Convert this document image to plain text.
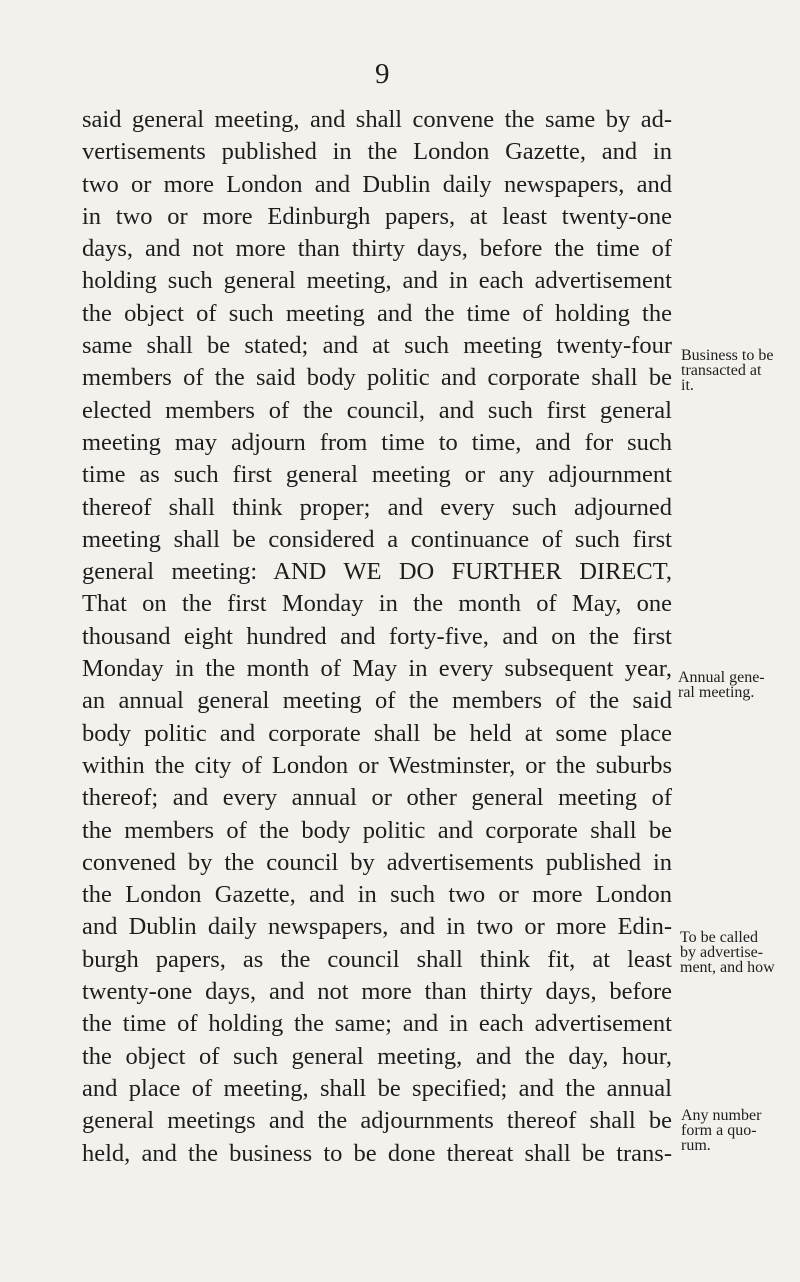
9
said general meeting, and shall convene the same by ad-
vertisements published in the London Gazette, and in
two or more London and Dublin daily newspapers, and
in two or more Edinburgh papers, at least twenty-one
days, and not more than thirty days, before the time of
holding such general meeting, and in each advertisement
the object of such meeting and the time of holding the
same shall be stated; and at such meeting twenty-four
members of the said body politic and corporate shall be
elected members of the council, and such first general
meeting may adjourn from time to time, and for such
time as such first general meeting or any adjournment
thereof shall think proper; and every such adjourned
meeting shall be considered a continuance of such first
general meeting: AND WE DO FURTHER DIRECT,
That on the first Monday in the month of May, one
thousand eight hundred and forty-five, and on the first
Monday in the month of May in every subsequent year,
an annual general meeting of the members of the said
body politic and corporate shall be held at some place
within the city of London or Westminster, or the suburbs
thereof; and every annual or other general meeting of
the members of the body politic and corporate shall be
convened by the council by advertisements published in
the London Gazette, and in such two or more London
and Dublin daily newspapers, and in two or more Edin-
burgh papers, as the council shall think fit, at least
twenty-one days, and not more than thirty days, before
the time of holding the same; and in each advertisement
the object of such general meeting, and the day, hour,
and place of meeting, shall be specified; and the annual
general meetings and the adjournments thereof shall be
held, and the business to be done thereat shall be trans-
Business to be
transacted at
it.
Annual gene-
ral meeting.
To be called
by advertise-
ment, and how
Any number
form a quo-
rum.
